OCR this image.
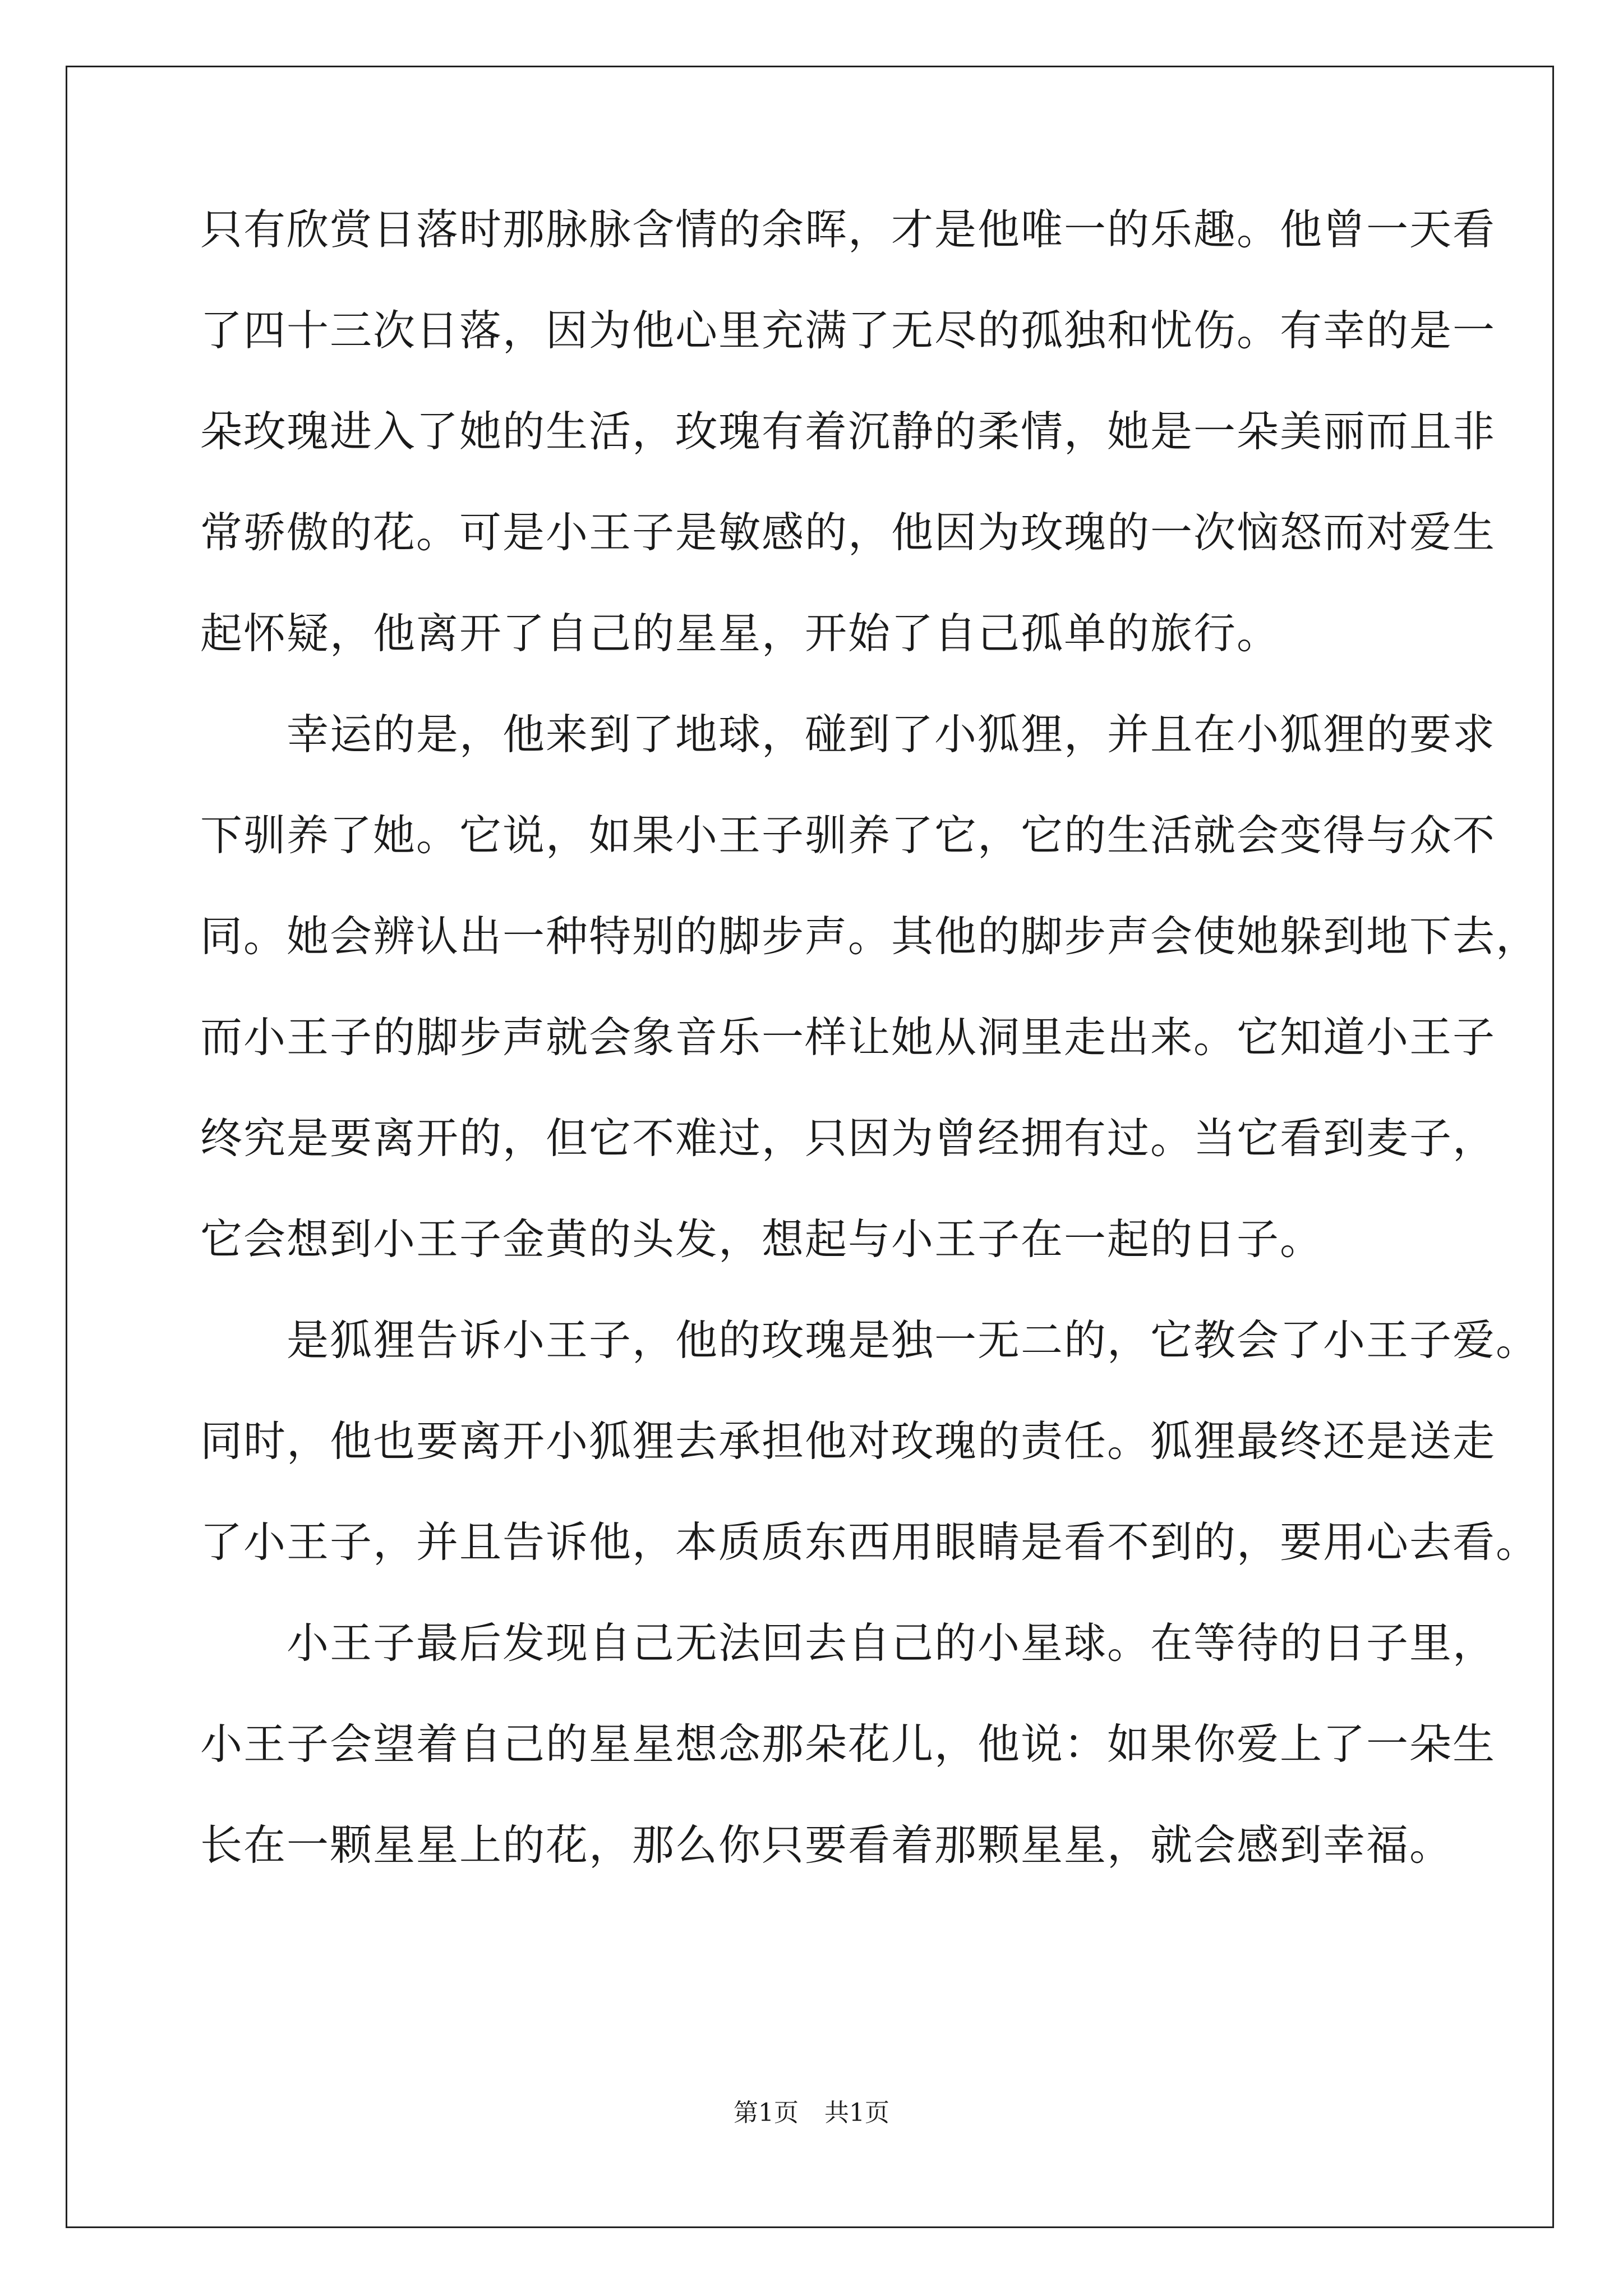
只有欣赏日落时那脉脉含情的余晖，才是他唯一的乐趣。他曾一天看
了四十三次日落，因为他心里充满了无尽的孤独和忧伤。有幸的是一
朵玫瑰进入了她的生活，玫瑰有着沉静的柔情，她是一朵美丽而且非
常骄傲的花。可是小王子是敏感的，他因为玫瑰的一次恼怒而对爱生
起怀疑，他离开了自己的星星，开始了自己孤单的旅行。
　　幸运的是，他来到了地球，碰到了小狐狸，并且在小狐狸的要求
下驯养了她。它说，如果小王子驯养了它，它的生活就会变得与众不
同。她会辨认出一种特别的脚步声。其他的脚步声会使她躲到地下去，
而小王子的脚步声就会象音乐一样让她从洞里走出来。它知道小王子
终究是要离开的，但它不难过，只因为曾经拥有过。当它看到麦子，
它会想到小王子金黄的头发，想起与小王子在一起的日子。
　　是狐狸告诉小王子，他的玫瑰是独一无二的，它教会了小王子爱。
同时，他也要离开小狐狸去承担他对玫瑰的责任。狐狸最终还是送走
了小王子，并且告诉他，本质质东西用眼睛是看不到的，要用心去看。
　　小王子最后发现自己无法回去自己的小星球。在等待的日子里，
小王子会望着自己的星星想念那朵花儿，他说：如果你爱上了一朵生
长在一颗星星上的花，那么你只要看着那颗星星，就会感到幸福。
第1页 共1页
